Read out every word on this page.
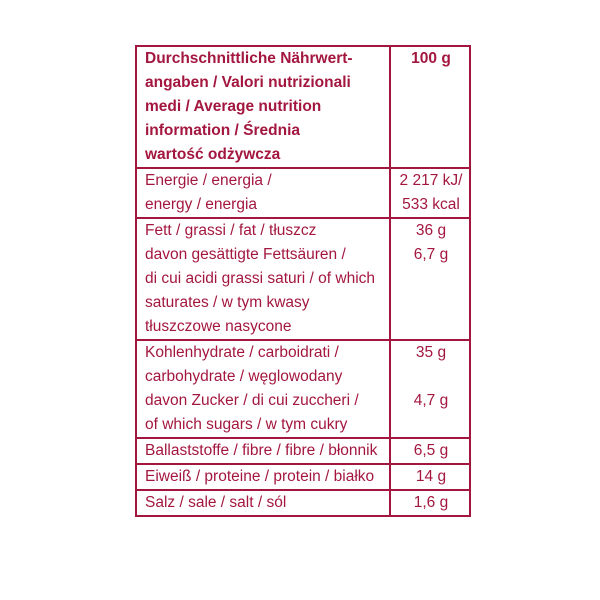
Durchschnittliche Nährwert-
angaben / Valori nutrizionali
medi / Average nutrition
information / Średnia
wartość odżywcza	100 g

Energie / energia /
energy / energia	2 217 kJ/
533 kcal

Fett / grassi / fat / tłuszcz
davon gesättigte Fettsäuren /
di cui acidi grassi saturi / of which
saturates / w tym kwasy
tłuszczowe nasycone	36 g
6,7 g

Kohlenhydrate / carboidrati /
carbohydrate / węglowodany
davon Zucker / di cui zuccheri /
of which sugars / w tym cukry	35 g
4,7 g

Ballaststoffe / fibre / fibre / błonnik	6,5 g

Eiweiß / proteine / protein / białko	14 g

Salz / sale / salt / sól	1,6 g
